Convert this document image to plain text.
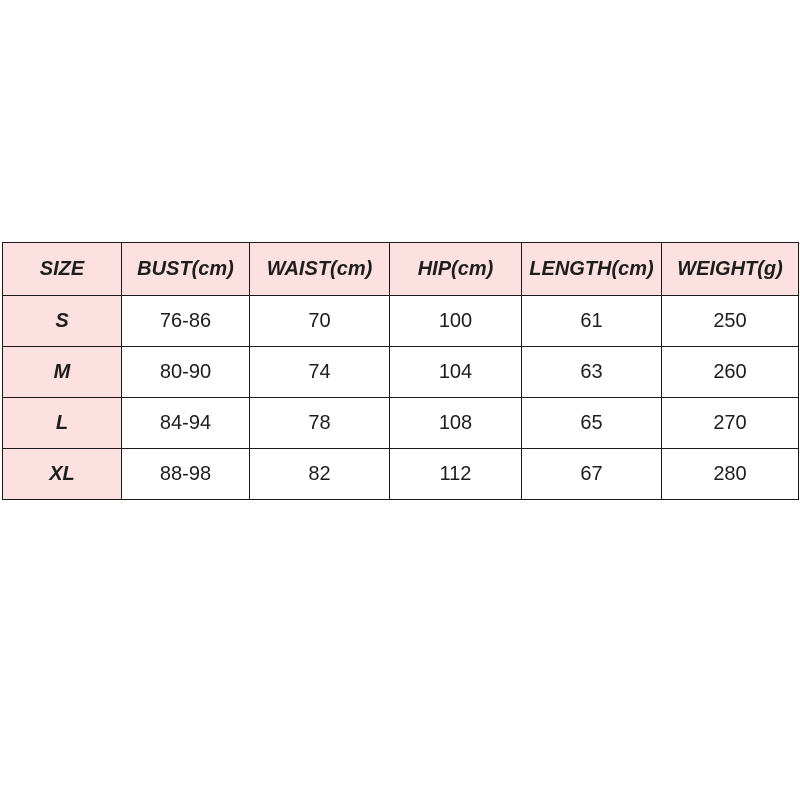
SIZE	BUST(cm)	WAIST(cm)	HIP(cm)	LENGTH(cm)	WEIGHT(g)
S	76-86	70	100	61	250
M	80-90	74	104	63	260
L	84-94	78	108	65	270
XL	88-98	82	112	67	280
